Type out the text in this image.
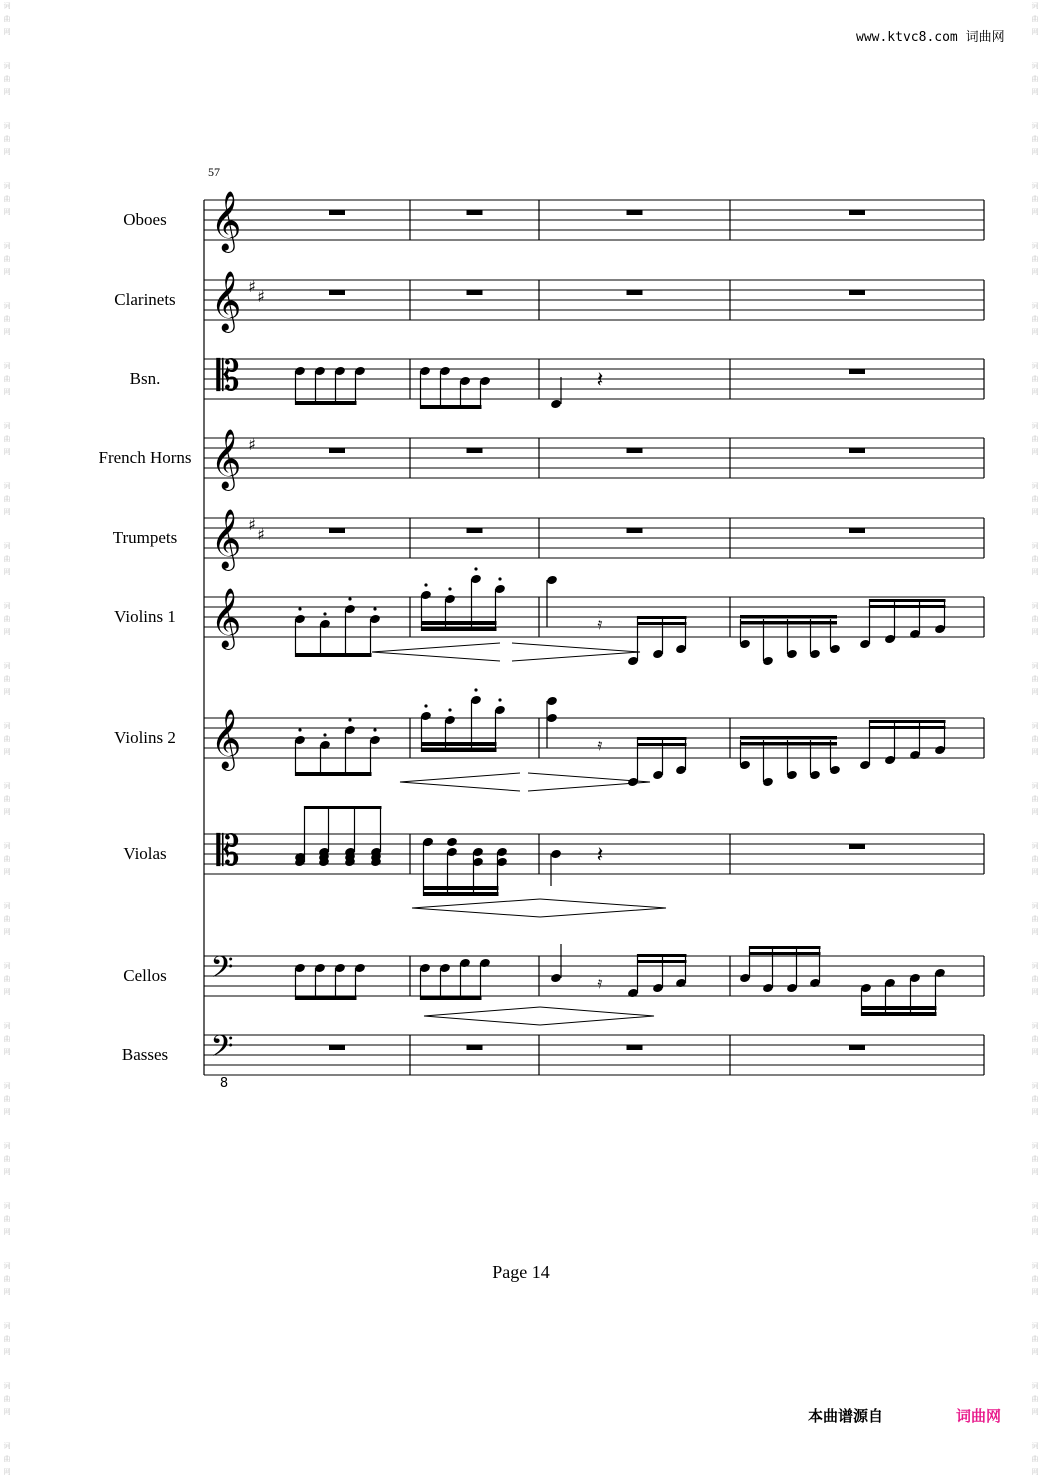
词
曲
网
词
曲
网
词
曲
网
词
曲
网
词
曲
网
词
曲
网
词
曲
网
词
曲
网
词
曲
网
词
曲
网
词
曲
网
词
曲
网
词
曲
网
词
曲
网
词
曲
网
词
曲
网
词
曲
网
词
曲
网
词
曲
网
词
曲
网
词
曲
网
词
曲
网
词
曲
网
词
曲
网
词
曲
网
词
曲
网
词
曲
网
词
曲
网
词
曲
网
词
曲
网
词
曲
网
词
曲
网
词
曲
网
词
曲
网
词
曲
网
词
曲
网
词
曲
网
词
曲
网
词
曲
网
词
曲
网
词
曲
网
词
曲
网
词
曲
网
词
曲
网
词
曲
网
词
曲
网
词
曲
网
词
曲
网
词
曲
网
词
曲
网
www.ktvc8.com 词曲网
57
𝄞
𝄞 ♯
♯
𝄡
𝄞 ♯
𝄞 ♯
♯
𝄞
𝄞
𝄡
𝄢
𝄢
8
𝄽
𝄿
𝄿
𝄽
𝄿
Oboes
Clarinets
Bsn.
French Horns
Trumpets
Violins 1
Violins 2
Violas
Cellos
Basses
Page 14
本曲谱源自	词曲网
